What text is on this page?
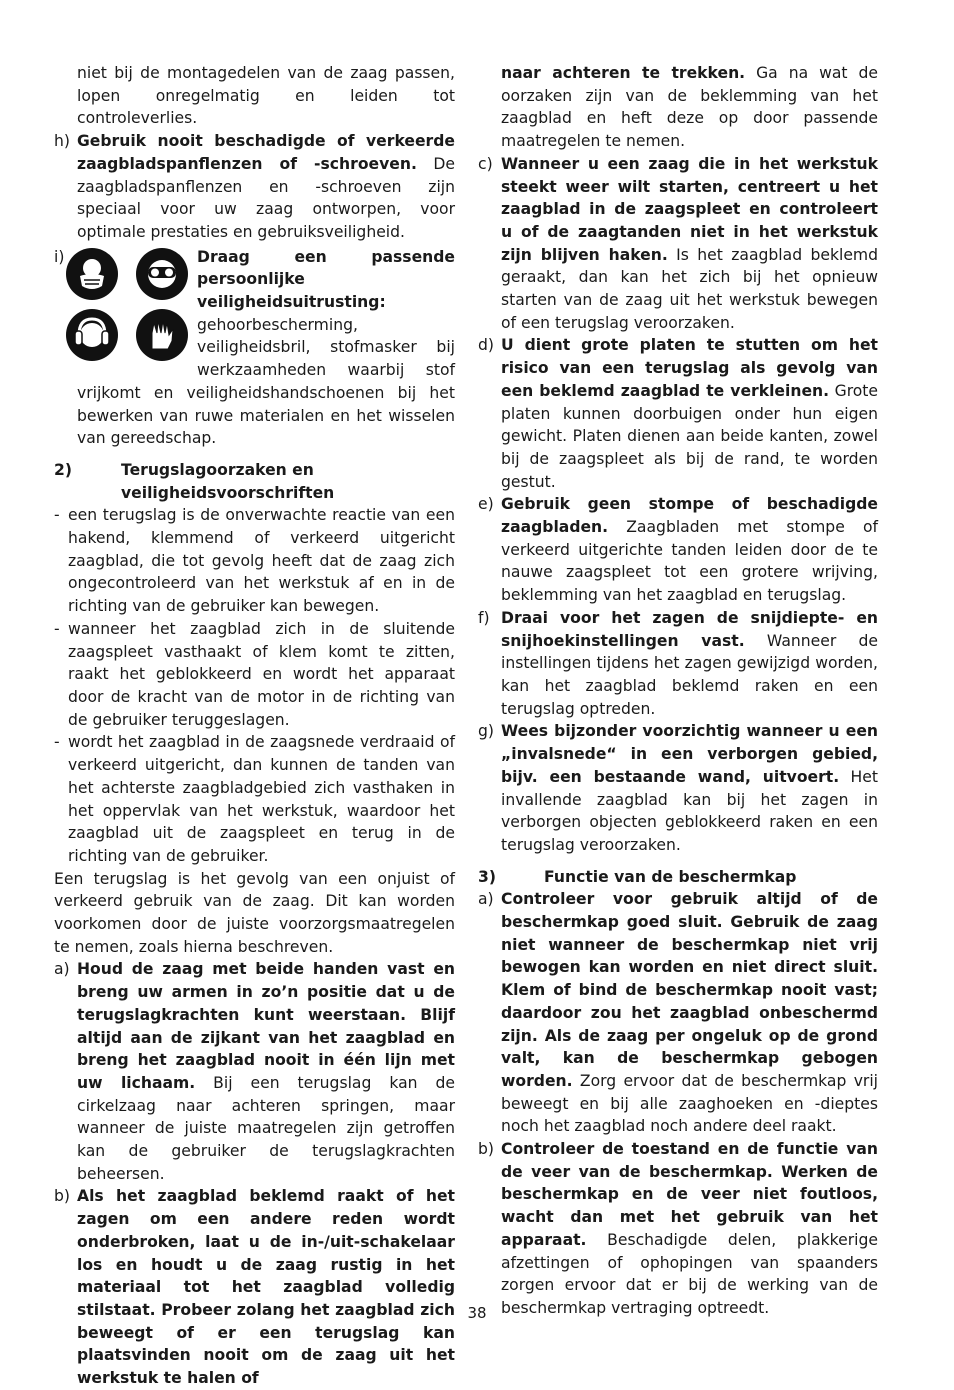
niet bij de montagedelen van de zaag passen, lopen onregelmatig en leiden tot controleverlies.

h) Gebruik nooit beschadigde of verkeerde zaagbladspanflenzen of -schroeven. De zaagbladspanflenzen en -schroeven zijn speciaal voor uw zaag ontworpen, voor optimale prestaties en gebruiksveiligheid.
i)	Draag een passende persoonlijke veiligheidsuitrusting: gehoorbescherming, veiligheidsbril, stofmasker bij werkzaamheden waarbij stof vrijkomt en veiligheidshandschoenen bij het bewerken van ruwe materialen en het wisselen van gereedschap.
2)	Terugslagoorzaken en veiligheidsvoorschriften
- een terugslag is de onverwachte reactie van een hakend, klemmend of verkeerd uitgericht zaagblad, die tot gevolg heeft dat de zaag zich ongecontroleerd van het werkstuk af en in de richting van de gebruiker kan bewegen.
- wanneer het zaagblad zich in de sluitende zaagspleet vasthaakt of klem komt te zitten, raakt het geblokkeerd en wordt het apparaat door de kracht van de motor in de richting van de gebruiker teruggeslagen.
- wordt het zaagblad in de zaagsnede verdraaid of verkeerd uitgericht, dan kunnen de tanden van het achterste zaagbladgebied zich vasthaken in het oppervlak van het werkstuk, waardoor het zaagblad uit de zaagspleet en terug in de richting van de gebruiker.

Een terugslag is het gevolg van een onjuist of verkeerd gebruik van de zaag. Dit kan worden voorkomen door de juiste voorzorgsmaatregelen te nemen, zoals hierna beschreven.

a) Houd de zaag met beide handen vast en breng uw armen in zo’n positie dat u de terugslagkrachten kunt weerstaan. Blijf altijd aan de zijkant van het zaagblad en breng het zaagblad nooit in één lijn met uw lichaam. Bij een terugslag kan de cirkelzaag naar achteren springen, maar wanneer de juiste maatregelen zijn getroffen kan de gebruiker de terugslagkrachten beheersen.
b) Als het zaagblad beklemd raakt of het zagen om een andere reden wordt onderbroken, laat u de in-/uit-schakelaar los en houdt u de zaag rustig in het materiaal tot het zaagblad volledig stilstaat. Probeer zolang het zaagblad zich beweegt of er een terugslag kan plaatsvinden nooit om de zaag uit het werkstuk te halen of

naar achteren te trekken. Ga na wat de oorzaken zijn van de beklemming van het zaagblad en heft deze op door passende maatregelen te nemen.

c) Wanneer u een zaag die in het werkstuk steekt weer wilt starten, centreert u het zaagblad in de zaagspleet en controleert u of de zaagtanden niet in het werkstuk zijn blijven haken. Is het zaagblad beklemd geraakt, dan kan het zich bij het opnieuw starten van de zaag uit het werkstuk bewegen of een terugslag veroorzaken.
d) U dient grote platen te stutten om het risico van een terugslag als gevolg van een beklemd zaagblad te verkleinen. Grote platen kunnen doorbuigen onder hun eigen gewicht. Platen dienen aan beide kanten, zowel bij de zaagspleet als bij de rand, te worden gestut.
e) Gebruik geen stompe of beschadigde zaagbladen. Zaagbladen met stompe of verkeerd uitgerichte tanden leiden door de te nauwe zaagspleet tot een grotere wrijving, beklemming van het zaagblad en terugslag.
f) Draai voor het zagen de snijdiepte- en snijhoekinstellingen vast. Wanneer de instellingen tijdens het zagen gewijzigd worden, kan het zaagblad beklemd raken en een terugslag optreden.
g) Wees bijzonder voorzichtig wanneer u een „invalsnede“ in een verborgen gebied, bijv. een bestaande wand, uitvoert. Het invallende zaagblad kan bij het zagen in verborgen objecten geblokkeerd raken en een terugslag veroorzaken.
3)	Functie van de beschermkap
a) Controleer voor gebruik altijd of de beschermkap goed sluit. Gebruik de zaag niet wanneer de beschermkap niet vrij bewogen kan worden en niet direct sluit. Klem of bind de beschermkap nooit vast; daardoor zou het zaagblad onbeschermd zijn. Als de zaag per ongeluk op de grond valt, kan de beschermkap gebogen worden. Zorg ervoor dat de beschermkap vrij beweegt en bij alle zaaghoeken en -dieptes noch het zaagblad noch andere deel raakt.
b) Controleer de toestand en de functie van de veer van de beschermkap. Werken de beschermkap en de veer niet foutloos, wacht dan met het gebruik van het apparaat. Beschadigde delen, plakkerige afzettingen of ophopingen van spaanders zorgen ervoor dat er bij de werking van de beschermkap vertraging optreedt.
38
